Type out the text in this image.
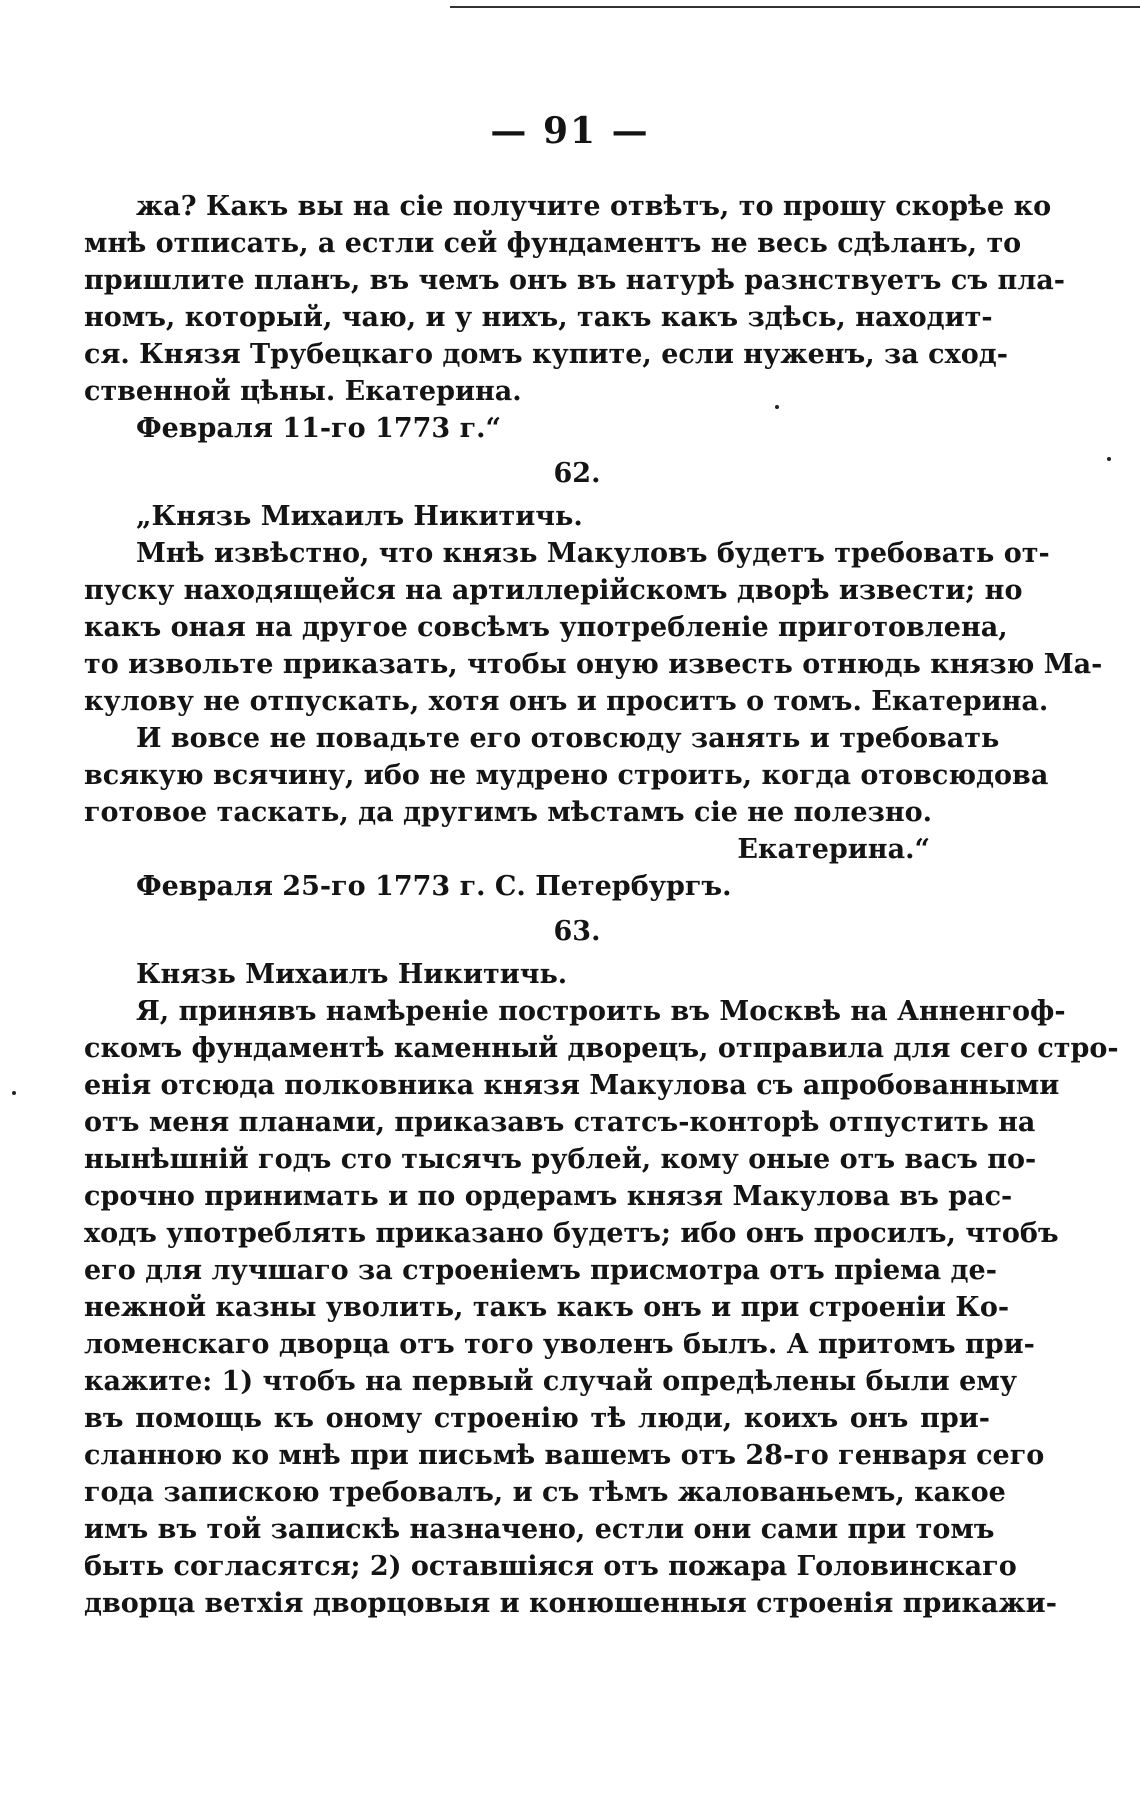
— 91 —
жа? Какъ вы на сіе получите отвѣтъ, то прошу скорѣе ко
мнѣ отписать, а естли сей фундаментъ не весь сдѣланъ, то
пришлите планъ, въ чемъ онъ въ натурѣ разнствуетъ съ пла-
номъ, который, чаю, и у нихъ, такъ какъ здѣсь, находит-
ся. Князя Трубецкаго домъ купите, если нуженъ, за сход-
ственной цѣны. Екатерина.
Февраля 11-го 1773 г.“
62.
„Князь Михаилъ Никитичь.
Мнѣ извѣстно, что князь Макуловъ будетъ требовать от-
пуску находящейся на артиллерійскомъ дворѣ извести; но
какъ оная на другое совсѣмъ употребленіе приготовлена,
то извольте приказать, чтобы оную известь отнюдь князю Ма-
кулову не отпускать, хотя онъ и проситъ о томъ. Екатерина.
И вовсе не повадьте его отовсюду занять и требовать
всякую всячину, ибо не мудрено строить, когда отовсюдова
готовое таскать, да другимъ мѣстамъ сіе не полезно.
Екатерина.“
Февраля 25-го 1773 г. С. Петербургъ.
63.
Князь Михаилъ Никитичь.
Я, принявъ намѣреніе построить въ Москвѣ на Анненгоф-
скомъ фундаментѣ каменный дворецъ, отправила для сего стро-
енія отсюда полковника князя Макулова съ апробованными
отъ меня планами, приказавъ статсъ-конторѣ отпустить на
нынѣшній годъ сто тысячъ рублей, кому оные отъ васъ по-
срочно принимать и по ордерамъ князя Макулова въ рас-
ходъ употреблять приказано будетъ; ибо онъ просилъ, чтобъ
его для лучшаго за строеніемъ присмотра отъ пріема де-
нежной казны уволить, такъ какъ онъ и при строеніи Ко-
ломенскаго дворца отъ того уволенъ былъ. А притомъ при-
кажите: 1) чтобъ на первый случай опредѣлены были ему
въ помощь къ оному строенію тѣ люди, коихъ онъ при-
сланною ко мнѣ при письмѣ вашемъ отъ 28-го генваря сего
года запискою требовалъ, и съ тѣмъ жалованьемъ, какое
имъ въ той запискѣ назначено, естли они сами при томъ
быть согласятся; 2) оставшіяся отъ пожара Головинскаго
дворца ветхія дворцовыя и конюшенныя строенія прикажи-
